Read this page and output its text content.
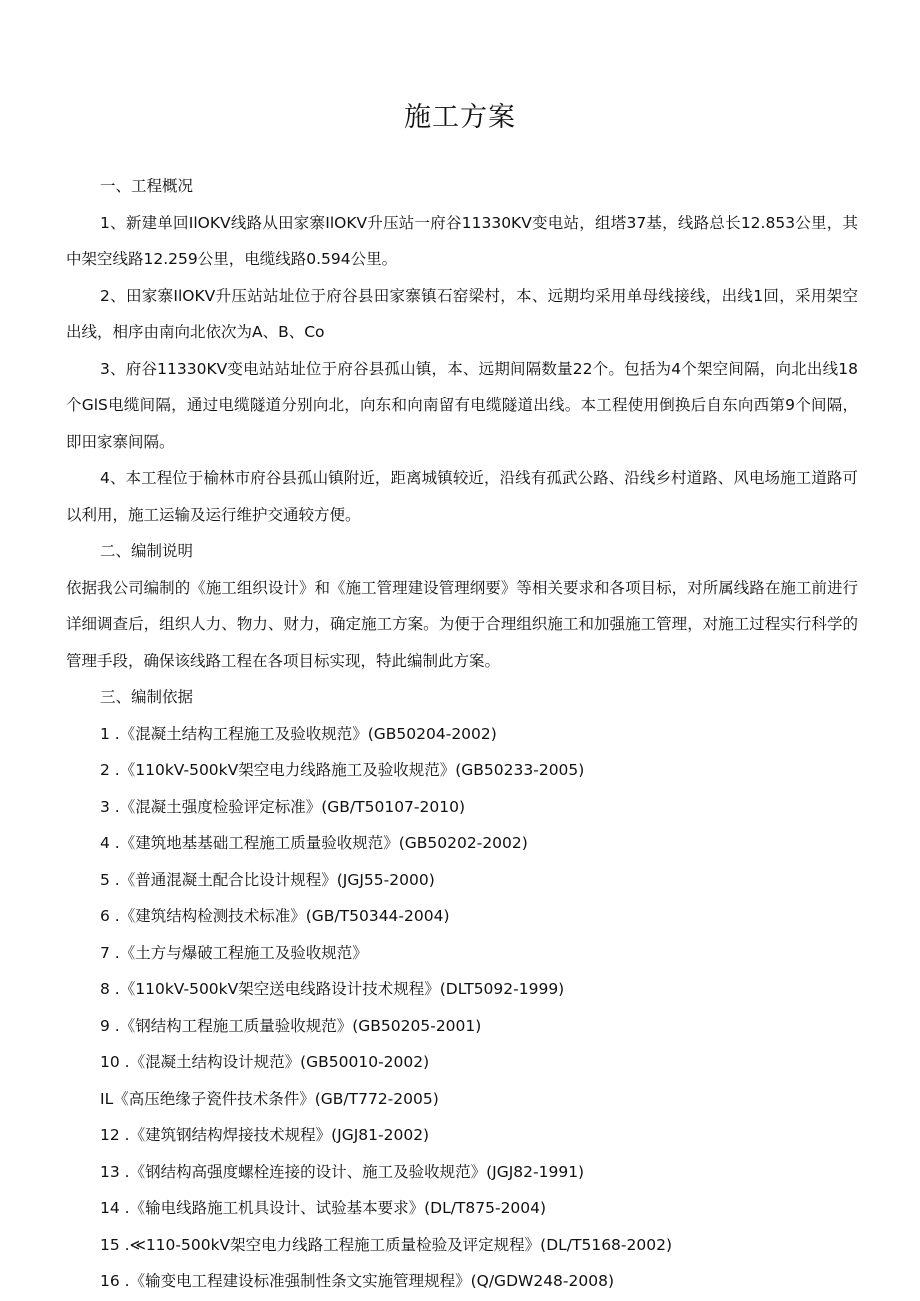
施工方案

一、工程概况

1、新建单回IlOKV线路从田家寨IlOKV升压站一府谷11330KV变电站，组塔37基，线路总长12.853公里，其中架空线路12.259公里，电缆线路0.594公里。

2、田家寨IlOKV升压站站址位于府谷县田家寨镇石窑梁村，本、远期均采用单母线接线，出线1回，采用架空出线，相序由南向北依次为A、B、Co

3、府谷11330KV变电站站址位于府谷县孤山镇，本、远期间隔数量22个。包括为4个架空间隔，向北出线18个GlS电缆间隔，通过电缆隧道分别向北，向东和向南留有电缆隧道出线。本工程使用倒换后自东向西第9个间隔，即田家寨间隔。

4、本工程位于榆林市府谷县孤山镇附近，距离城镇较近，沿线有孤武公路、沿线乡村道路、风电场施工道路可以利用，施工运输及运行维护交通较方便。

二、编制说明

依据我公司编制的《施工组织设计》和《施工管理建设管理纲要》等相关要求和各项目标，对所属线路在施工前进行详细调查后，组织人力、物力、财力，确定施工方案。为便于合理组织施工和加强施工管理，对施工过程实行科学的管理手段，确保该线路工程在各项目标实现，特此编制此方案。

三、编制依据

1 .《混凝土结构工程施工及验收规范》(GB50204-2002)

2 .《110kV-500kV架空电力线路施工及验收规范》(GB50233-2005)

3 .《混凝土强度检验评定标准》(GB/T50107-2010)

4 .《建筑地基基础工程施工质量验收规范》(GB50202-2002)

5 .《普通混凝土配合比设计规程》(JGJ55-2000)

6 .《建筑结构检测技术标准》(GB/T50344-2004)

7 .《土方与爆破工程施工及验收规范》

8 .《110kV-500kV架空送电线路设计技术规程》(DLT5092-1999)

9 .《钢结构工程施工质量验收规范》(GB50205-2001)

10 .《混凝土结构设计规范》(GB50010-2002)

IL《高压绝缘子瓷件技术条件》(GB/T772-2005)

12 .《建筑钢结构焊接技术规程》(JGJ81-2002)

13 .《钢结构高强度螺栓连接的设计、施工及验收规范》(JGJ82-1991)

14 .《输电线路施工机具设计、试验基本要求》(DL/T875-2004)

15 .≪110-500kV架空电力线路工程施工质量检验及评定规程》(DL/T5168-2002)

16 .《输变电工程建设标准强制性条文实施管理规程》(Q/GDW248-2008)
